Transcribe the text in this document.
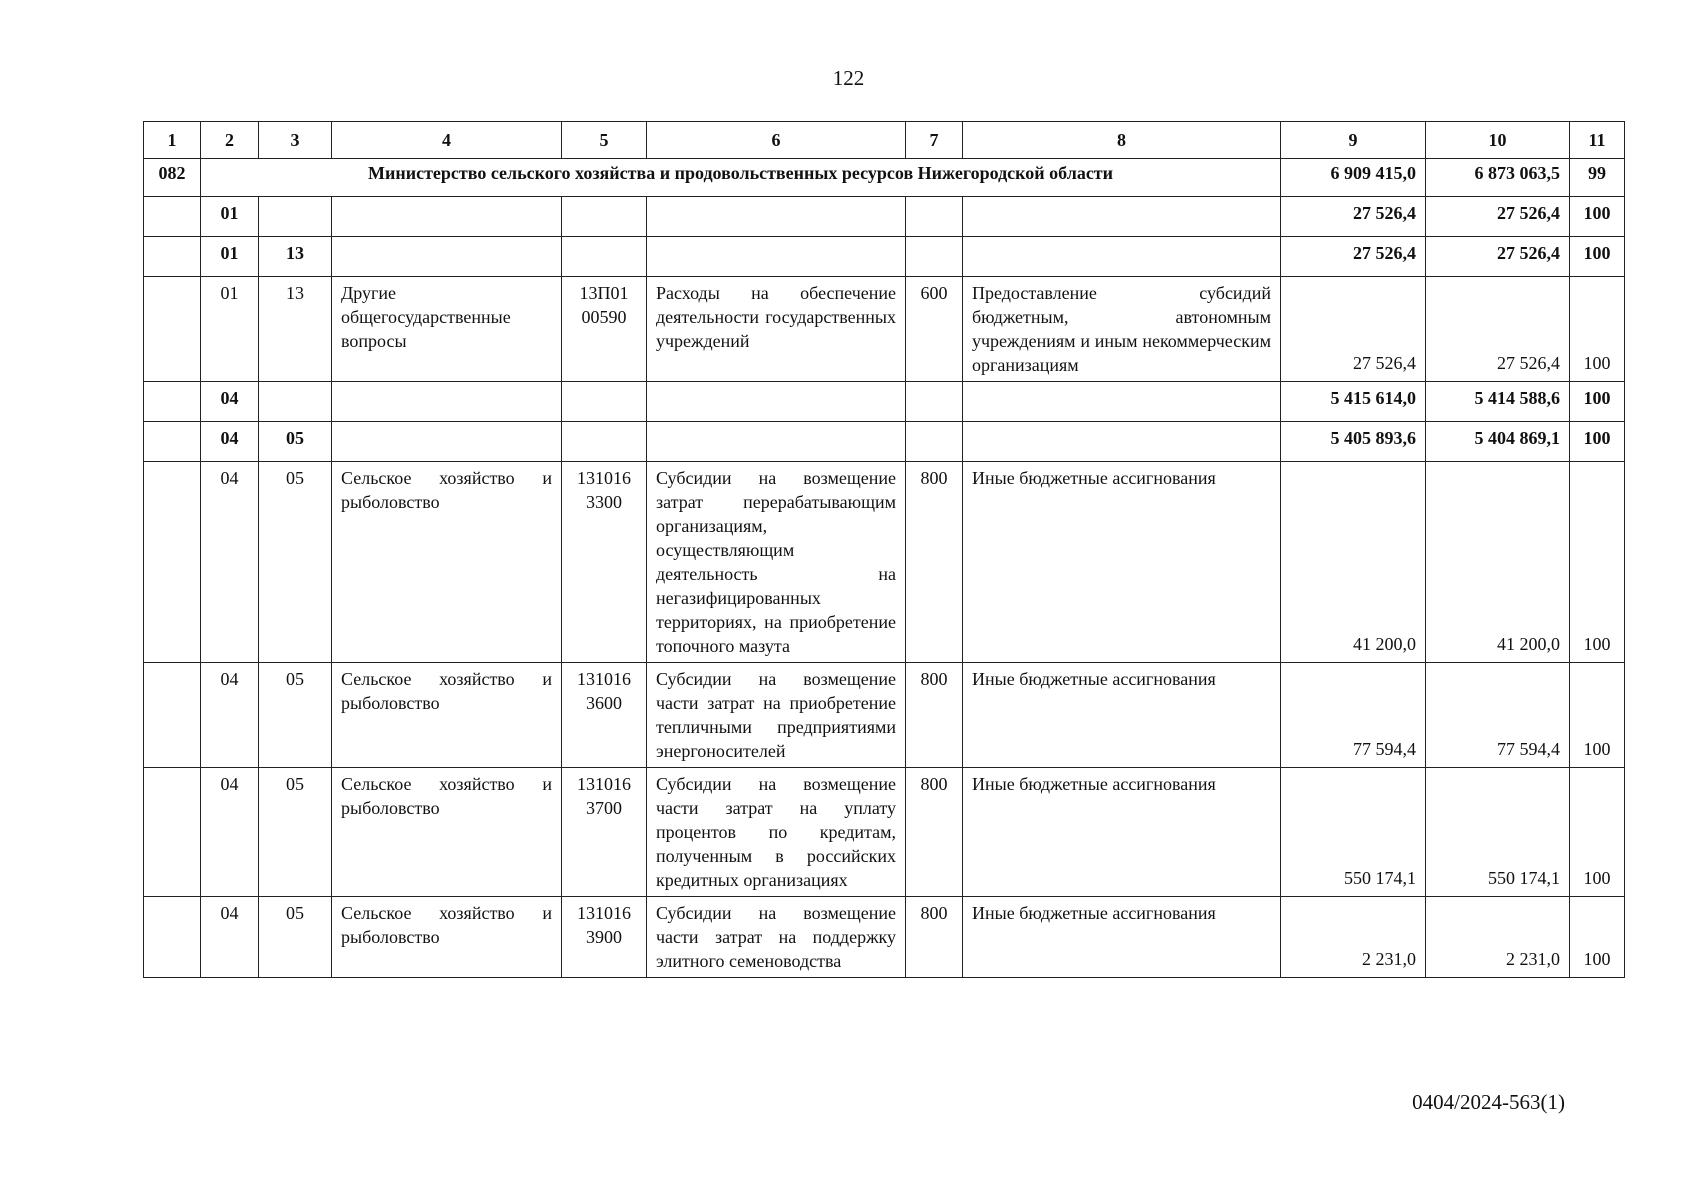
122
1	2	3	4	5	6	7	8	9	10	11
082	Министерство сельского хозяйства и продовольственных ресурсов Нижегородской области							6 909 415,0	6 873 063,5	99
	01							27 526,4	27 526,4	100
	01	13						27 526,4	27 526,4	100
	01	13	Другие общегосударственные вопросы	13П01 00590	Расходы на обеспечение деятельности государственных учреждений	600	Предоставление субсидий бюджетным, автономным учреждениям и иным некоммерческим организациям	27 526,4	27 526,4	100
	04							5 415 614,0	5 414 588,6	100
	04	05						5 405 893,6	5 404 869,1	100
	04	05	Сельское хозяйство и рыболовство	131016 3300	Субсидии на возмещение затрат перерабатывающим организациям, осуществляющим деятельность на негазифицированных территориях, на приобретение топочного мазута	800	Иные бюджетные ассигнования	41 200,0	41 200,0	100
	04	05	Сельское хозяйство и рыболовство	131016 3600	Субсидии на возмещение части затрат на приобретение тепличными предприятиями энергоносителей	800	Иные бюджетные ассигнования	77 594,4	77 594,4	100
	04	05	Сельское хозяйство и рыболовство	131016 3700	Субсидии на возмещение части затрат на уплату процентов по кредитам, полученным в российских кредитных организациях	800	Иные бюджетные ассигнования	550 174,1	550 174,1	100
	04	05	Сельское хозяйство и рыболовство	131016 3900	Субсидии на возмещение части затрат на поддержку элитного семеноводства	800	Иные бюджетные ассигнования	2 231,0	2 231,0	100
0404/2024-563(1)
